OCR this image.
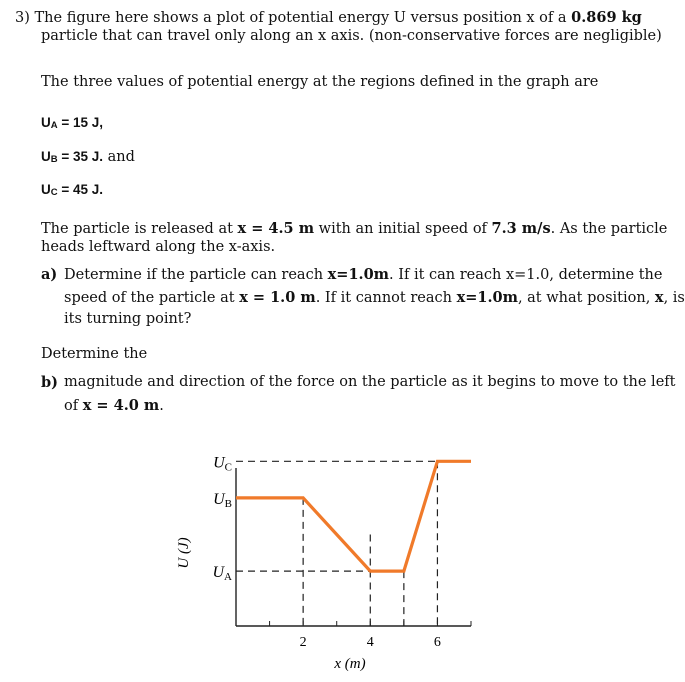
3) The figure here shows a plot of potential energy U versus position x of a 0.869 kg
particle that can travel only along an x axis. (non-conservative forces are negligible)
The three values of potential energy at the regions defined in the graph are
UA = 15 J,
UB = 35 J. and
UC = 45 J.
The particle is released at x = 4.5 m with an initial speed of 7.3 m/s. As the particle
heads leftward along the x-axis.
a) Determine if the particle can reach x=1.0m. If it can reach x=1.0, determine the
speed of the particle at x = 1.0 m. If it cannot reach x=1.0m, at what position, x, is
its turning point?
Determine the
b) magnitude and direction of the force on the particle as it begins to move to the left
of x = 4.0 m.
U (J)
x (m)
UC
UB
UA
2	4	6
